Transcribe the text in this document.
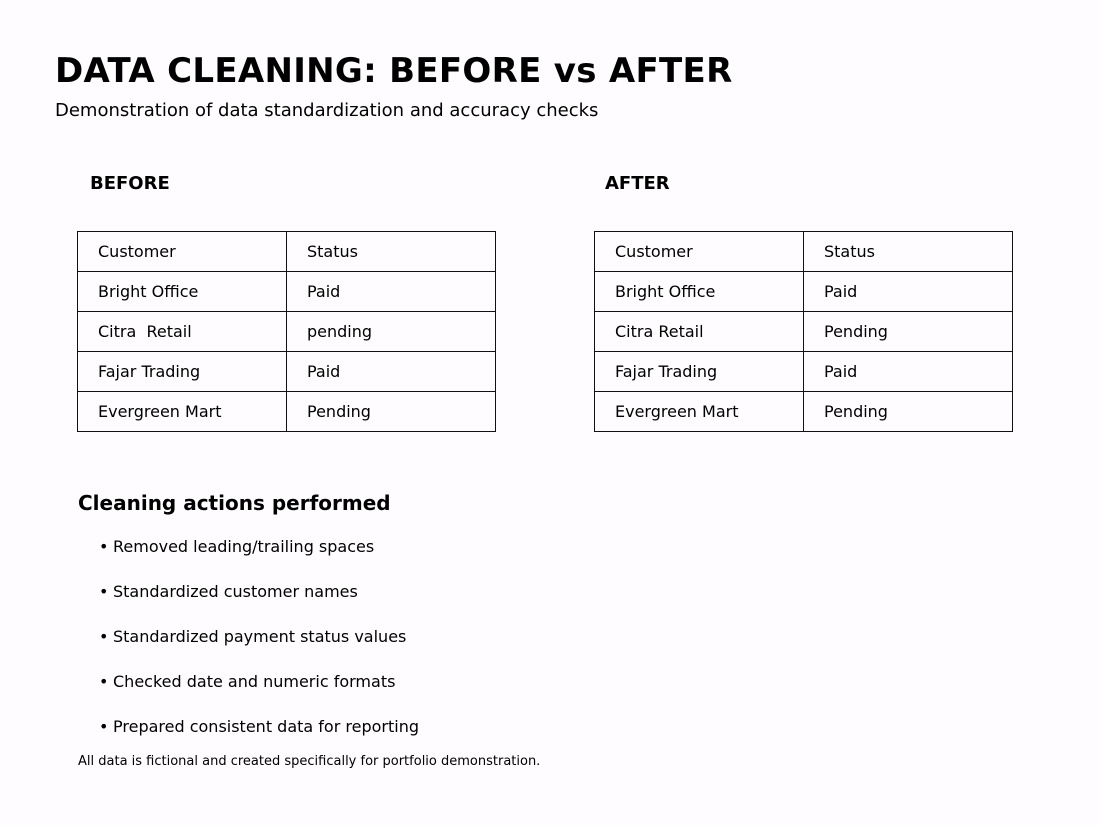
DATA CLEANING: BEFORE vs AFTER
Demonstration of data standardization and accuracy checks
BEFORE	AFTER
Customer	Status
Bright Office	Paid
Citra  Retail	pending
Fajar Trading	Paid
Evergreen Mart	Pending
Customer	Status
Bright Office	Paid
Citra Retail	Pending
Fajar Trading	Paid
Evergreen Mart	Pending
Cleaning actions performed
• Removed leading/trailing spaces
• Standardized customer names
• Standardized payment status values
• Checked date and numeric formats
• Prepared consistent data for reporting
All data is fictional and created specifically for portfolio demonstration.
